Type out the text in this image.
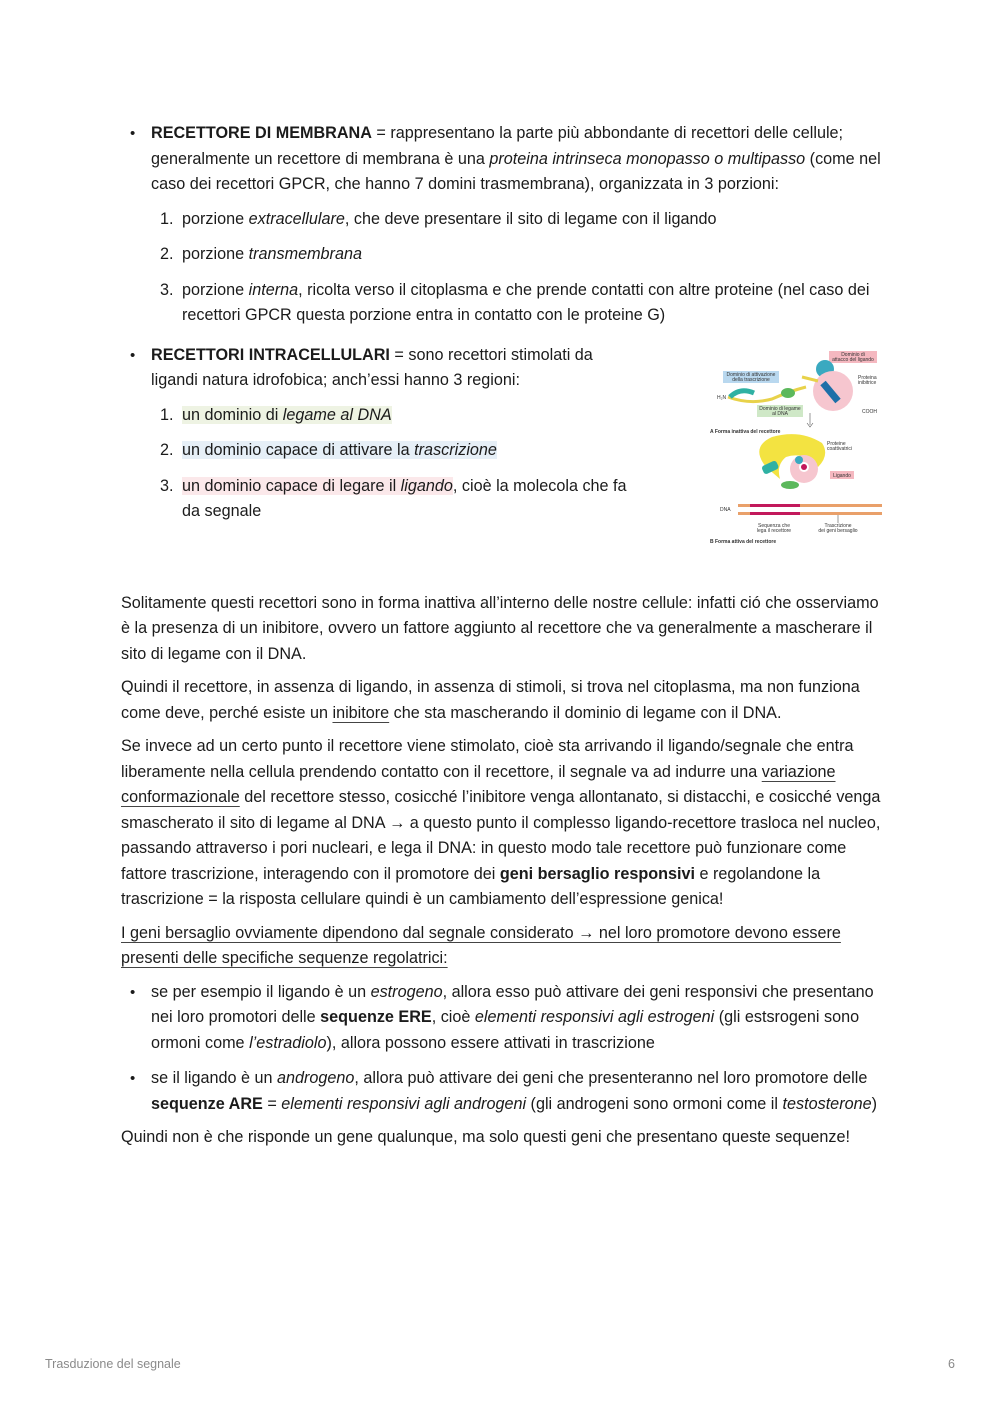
• RECETTORE DI MEMBRANA = rappresentano la parte più abbondante di recettori delle cellule; generalmente un recettore di membrana è una proteina intrinseca monopasso o multipasso (come nel caso dei recettori GPCR, che hanno 7 domini trasmembrana), organizzata in 3 porzioni:
1. porzione extracellulare, che deve presentare il sito di legame con il ligando
2. porzione transmembrana
3. porzione interna, ricolta verso il citoplasma e che prende contatti con altre proteine (nel caso dei recettori GPCR questa porzione entra in contatto con le proteine G)
• RECETTORI INTRACELLULARI = sono recettori stimolati da ligandi natura idrofobica; anch’essi hanno 3 regioni:
1. un dominio di legame al DNA
2. un dominio capace di attivare la trascrizione
3. un dominio capace di legare il ligando, cioè la molecola che fa da segnale
Dominio di attacco del ligando
Dominio di attivazione della trascrizione
H₂N
Dominio di legame al DNA
Proteina inibitrice
COOH
A Forma inattiva del recettore
Proteine coattivatrici
Ligando
DNA
Sequenza che lega il recettore
Trascrizione dei geni bersaglio
B Forma attiva del recettore

Solitamente questi recettori sono in forma inattiva all’interno delle nostre cellule: infatti ció che osserviamo è la presenza di un inibitore, ovvero un fattore aggiunto al recettore che va generalmente a mascherare il sito di legame con il DNA.

Quindi il recettore, in assenza di ligando, in assenza di stimoli, si trova nel citoplasma, ma non funziona come deve, perché esiste un inibitore che sta mascherando il dominio di legame con il DNA.

Se invece ad un certo punto il recettore viene stimolato, cioè sta arrivando il ligando/segnale che entra liberamente nella cellula prendendo contatto con il recettore, il segnale va ad indurre una variazione conformazionale del recettore stesso, cosicché l’inibitore venga allontanato, si distacchi, e cosicché venga smascherato il sito di legame al DNA → a questo punto il complesso ligando-recettore trasloca nel nucleo, passando attraverso i pori nucleari, e lega il DNA: in questo modo tale recettore può funzionare come fattore trascrizione, interagendo con il promotore dei geni bersaglio responsivi e regolandone la trascrizione = la risposta cellulare quindi è un cambiamento dell’espressione genica!

I geni bersaglio ovviamente dipendono dal segnale considerato → nel loro promotore devono essere presenti delle specifiche sequenze regolatrici:

• se per esempio il ligando è un estrogeno, allora esso può attivare dei geni responsivi che presentano nei loro promotori delle sequenze ERE, cioè elementi responsivi agli estrogeni (gli estsrogeni sono ormoni come l’estradiolo), allora possono essere attivati in trascrizione
• se il ligando è un androgeno, allora può attivare dei geni che presenteranno nel loro promotore delle sequenze ARE = elementi responsivi agli androgeni (gli androgeni sono ormoni come il testosterone)

Quindi non è che risponde un gene qualunque, ma solo questi geni che presentano queste sequenze!

Trasduzione del segnale	6
